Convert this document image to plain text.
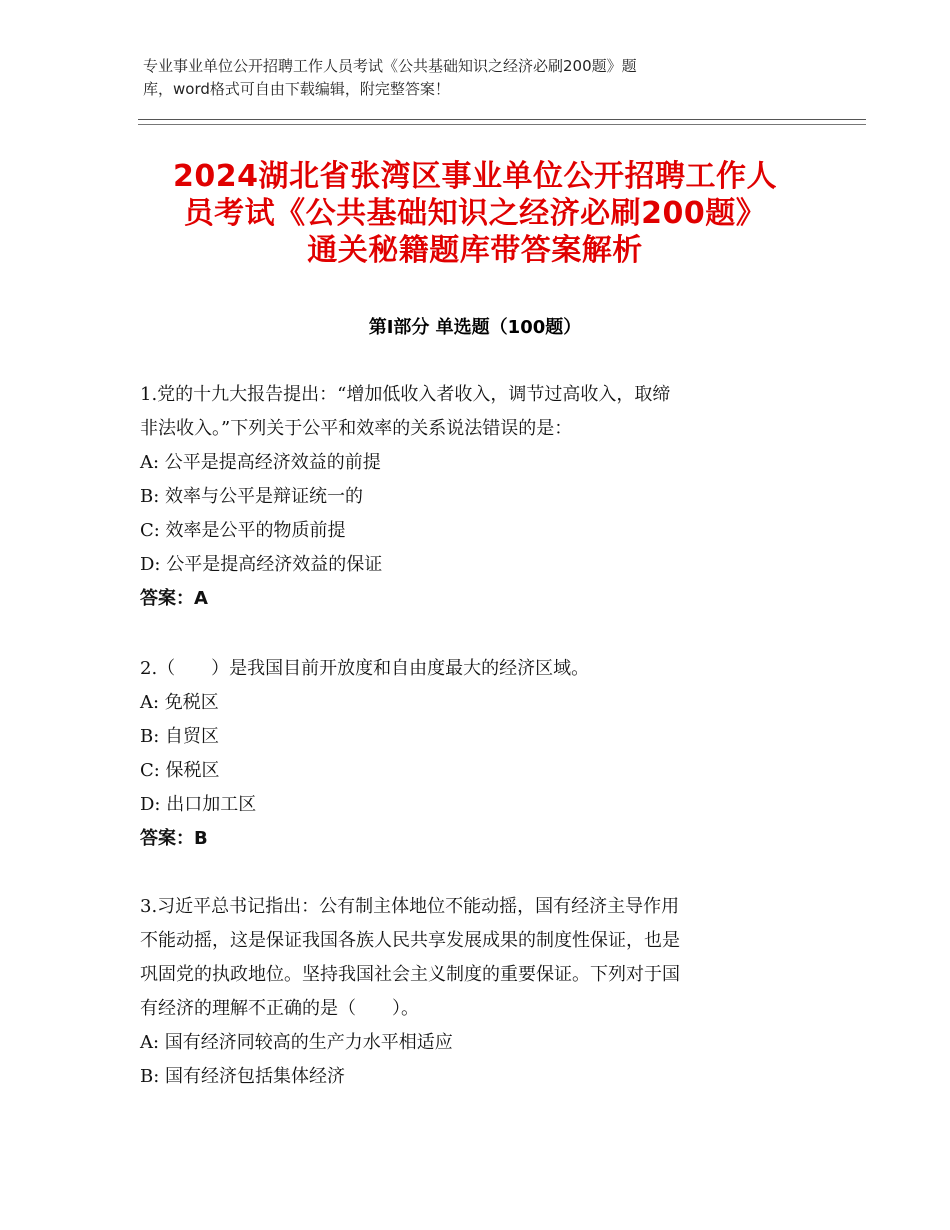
专业事业单位公开招聘工作人员考试《公共基础知识之经济必刷200题》题
库，word格式可自由下载编辑，附完整答案！
2024湖北省张湾区事业单位公开招聘工作人
员考试《公共基础知识之经济必刷200题》
通关秘籍题库带答案解析
第Ⅰ部分 单选题（100题）
1.党的十九大报告提出：“增加低收入者收入，调节过高收入，取缔
非法收入。”下列关于公平和效率的关系说法错误的是：
A: 公平是提高经济效益的前提
B: 效率与公平是辩证统一的
C: 效率是公平的物质前提
D: 公平是提高经济效益的保证
答案：A
2.（　　）是我国目前开放度和自由度最大的经济区域。
A: 免税区
B: 自贸区
C: 保税区
D: 出口加工区
答案：B
3.习近平总书记指出：公有制主体地位不能动摇，国有经济主导作用
不能动摇，这是保证我国各族人民共享发展成果的制度性保证，也是
巩固党的执政地位。坚持我国社会主义制度的重要保证。下列对于国
有经济的理解不正确的是（　　）。
A: 国有经济同较高的生产力水平相适应
B: 国有经济包括集体经济
